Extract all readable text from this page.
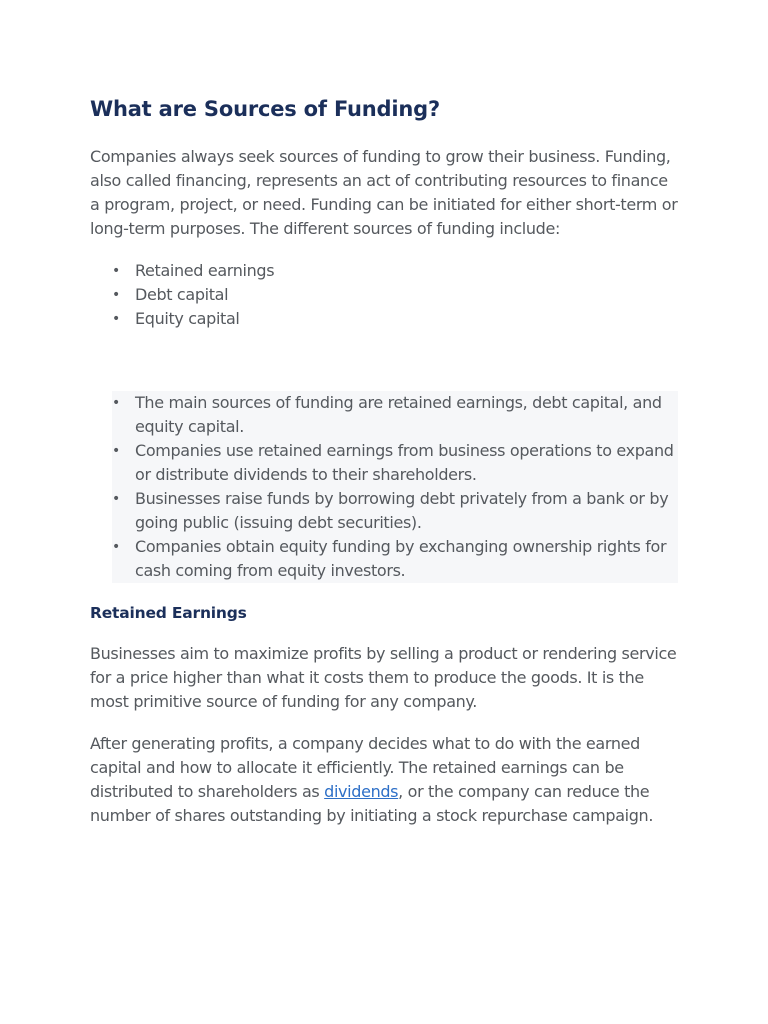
What are Sources of Funding?

Companies always seek sources of funding to grow their business. Funding, also called financing, represents an act of contributing resources to finance a program, project, or need. Funding can be initiated for either short-term or long-term purposes. The different sources of funding include:

• Retained earnings
• Debt capital
• Equity capital
• The main sources of funding are retained earnings, debt capital, and equity capital.
• Companies use retained earnings from business operations to expand or distribute dividends to their shareholders.
• Businesses raise funds by borrowing debt privately from a bank or by going public (issuing debt securities).
• Companies obtain equity funding by exchanging ownership rights for cash coming from equity investors.
Retained Earnings

Businesses aim to maximize profits by selling a product or rendering service for a price higher than what it costs them to produce the goods. It is the most primitive source of funding for any company.

After generating profits, a company decides what to do with the earned capital and how to allocate it efficiently. The retained earnings can be distributed to shareholders as dividends, or the company can reduce the number of shares outstanding by initiating a stock repurchase campaign.
